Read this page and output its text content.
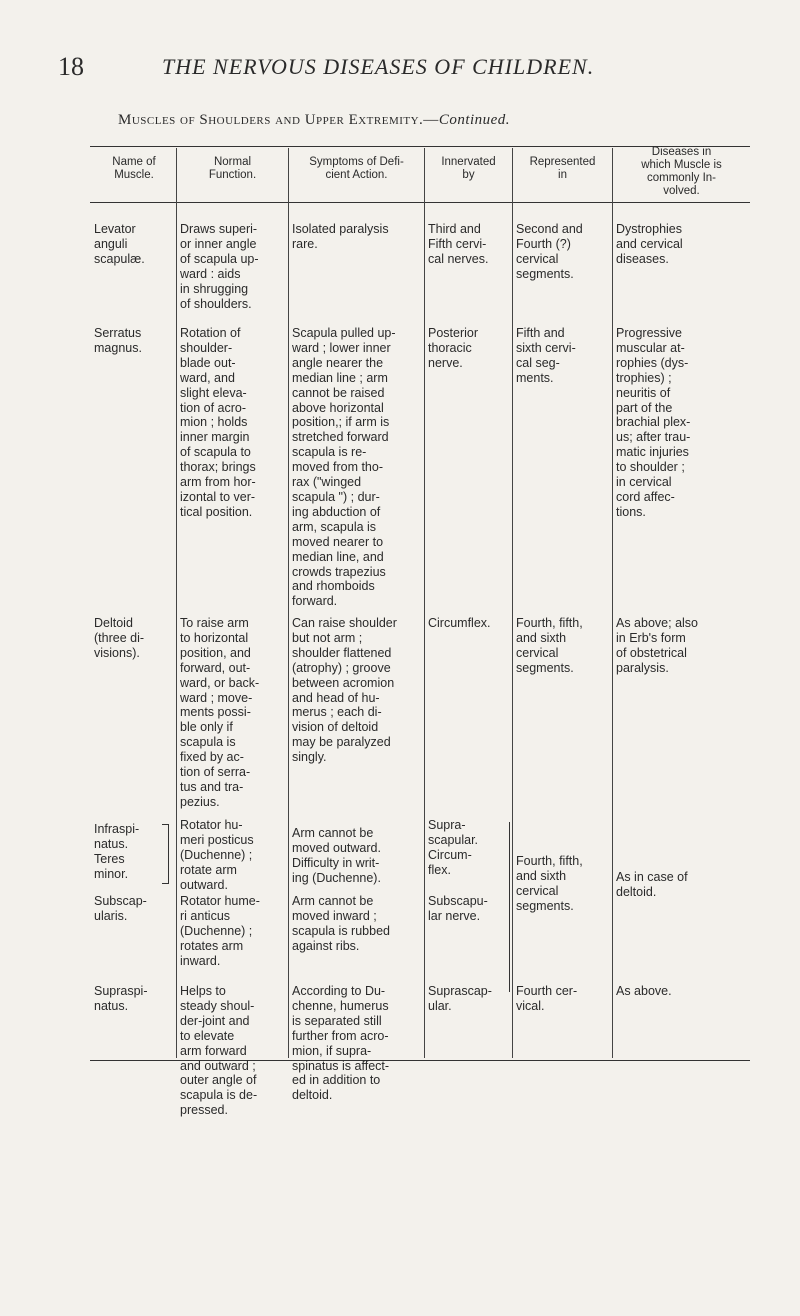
18	THE NERVOUS DISEASES OF CHILDREN.
Muscles of Shoulders and Upper Extremity.—Continued.
Name of
Muscle.
Normal
Function.
Symptoms of Defi-
cient Action.
Innervated
by
Represented
in
Diseases in
which Muscle is
commonly In-
volved.
Levator
anguli
scapulæ.
Draws superi-
or inner angle
of scapula up-
ward : aids
in shrugging
of shoulders.
Isolated paralysis
rare.
Third and
Fifth cervi-
cal nerves.
Second and
Fourth (?)
cervical
segments.
Dystrophies
and cervical
diseases.
Serratus
magnus.
Rotation of
shoulder-
blade out-
ward, and
slight eleva-
tion of acro-
mion ; holds
inner margin
of scapula to
thorax; brings
arm from hor-
izontal to ver-
tical position.
Scapula pulled up-
ward ; lower inner
angle nearer the
median line ; arm
cannot be raised
above horizontal
position,; if arm is
stretched forward
scapula is re-
moved from tho-
rax ("winged
scapula ") ; dur-
ing abduction of
arm, scapula is
moved nearer to
median line, and
crowds trapezius
and rhomboids
forward.
Posterior
thoracic
nerve.
Fifth and
sixth cervi-
cal seg-
ments.
Progressive
muscular at-
rophies (dys-
trophies) ;
neuritis of
part of the
brachial plex-
us; after trau-
matic injuries
to shoulder ;
in cervical
cord affec-
tions.
Deltoid
(three di-
visions).
To raise arm
to horizontal
position, and
forward, out-
ward, or back-
ward ; move-
ments possi-
ble only if
scapula is
fixed by ac-
tion of serra-
tus and tra-
pezius.
Can raise shoulder
but not arm ;
shoulder flattened
(atrophy) ; groove
between acromion
and head of hu-
merus ; each di-
vision of deltoid
may be paralyzed
singly.
Circumflex.	Fourth, fifth,
and sixth
cervical
segments.
As above; also
in Erb's form
of obstetrical
paralysis.
Infraspi-
natus.
Teres
minor.
Rotator hu-
meri posticus
(Duchenne) ;
rotate arm
outward.
Arm cannot be
moved outward.
Difficulty in writ-
ing (Duchenne).
Supra-
scapular.
Circum-
flex.
Fourth, fifth,
and sixth
cervical
segments.
As in case of
deltoid.
Subscap-
ularis.
Rotator hume-
ri anticus
(Duchenne) ;
rotates arm
inward.
Arm cannot be
moved inward ;
scapula is rubbed
against ribs.
Subscapu-
lar nerve.
Supraspi-
natus.
Helps to
steady shoul-
der-joint and
to elevate
arm forward
and outward ;
outer angle of
scapula is de-
pressed.
According to Du-
chenne, humerus
is separated still
further from acro-
mion, if supra-
spinatus is affect-
ed in addition to
deltoid.
Suprascap-
ular.
Fourth cer-
vical.
As above.
